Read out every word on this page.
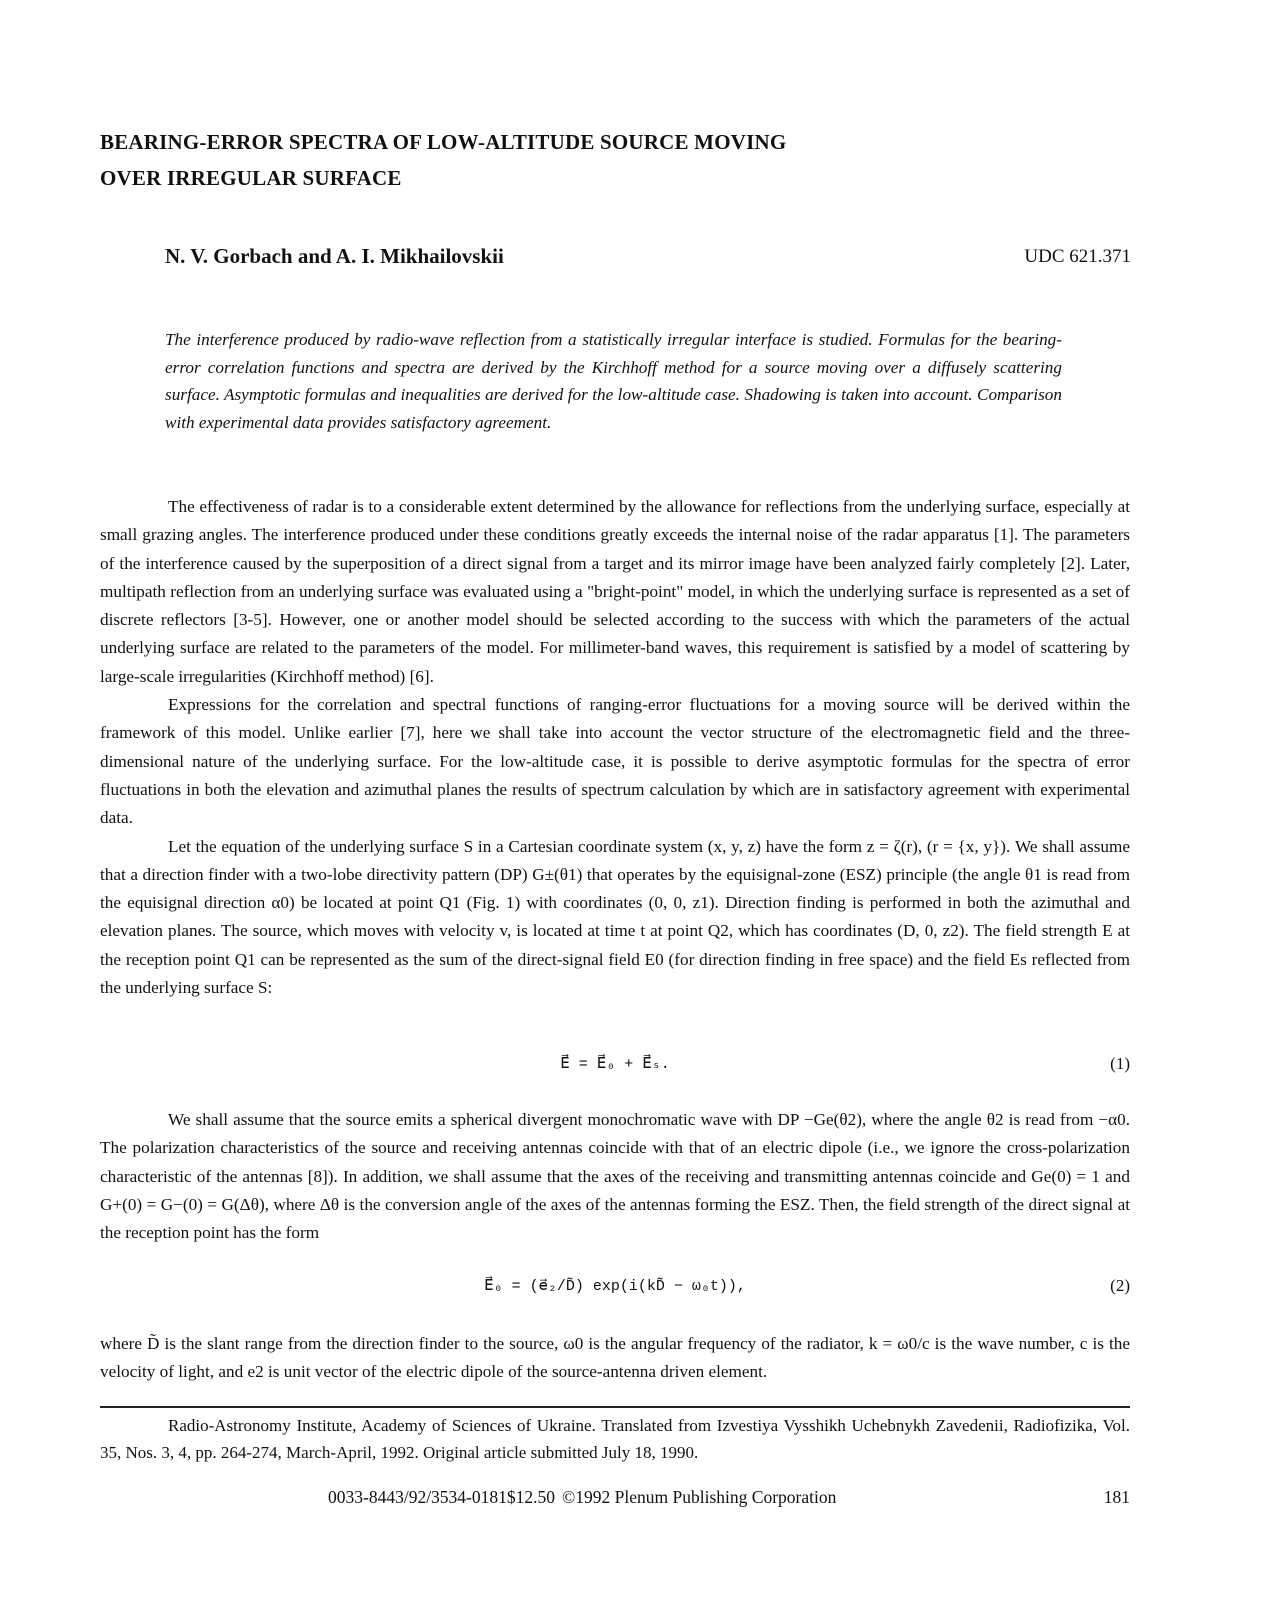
BEARING-ERROR SPECTRA OF LOW-ALTITUDE SOURCE MOVING
OVER IRREGULAR SURFACE
N. V. Gorbach and A. I. Mikhailovskii	UDC 621.371
The interference produced by radio-wave reflection from a statistically irregular interface is studied. Formulas for the bearing-error correlation functions and spectra are derived by the Kirchhoff method for a source moving over a diffusely scattering surface. Asymptotic formulas and inequalities are derived for the low-altitude case. Shadowing is taken into account. Comparison with experimental data provides satisfactory agreement.

The effectiveness of radar is to a considerable extent determined by the allowance for reflections from the underlying surface, especially at small grazing angles. The interference produced under these conditions greatly exceeds the internal noise of the radar apparatus [1]. The parameters of the interference caused by the superposition of a direct signal from a target and its mirror image have been analyzed fairly completely [2]. Later, multipath reflection from an underlying surface was evaluated using a "bright-point" model, in which the underlying surface is represented as a set of discrete reflectors [3-5]. However, one or another model should be selected according to the success with which the parameters of the actual underlying surface are related to the parameters of the model. For millimeter-band waves, this requirement is satisfied by a model of scattering by large-scale irregularities (Kirchhoff method) [6].

Expressions for the correlation and spectral functions of ranging-error fluctuations for a moving source will be derived within the framework of this model. Unlike earlier [7], here we shall take into account the vector structure of the electromagnetic field and the three-dimensional nature of the underlying surface. For the low-altitude case, it is possible to derive asymptotic formulas for the spectra of error fluctuations in both the elevation and azimuthal planes the results of spectrum calculation by which are in satisfactory agreement with experimental data.

Let the equation of the underlying surface S in a Cartesian coordinate system (x, y, z) have the form z = ζ(r), (r = {x, y}). We shall assume that a direction finder with a two-lobe directivity pattern (DP) G±(θ1) that operates by the equisignal-zone (ESZ) principle (the angle θ1 is read from the equisignal direction α0) be located at point Q1 (Fig. 1) with coordinates (0, 0, z1). Direction finding is performed in both the azimuthal and elevation planes. The source, which moves with velocity v, is located at time t at point Q2, which has coordinates (D, 0, z2). The field strength E at the reception point Q1 can be represented as the sum of the direct-signal field E0 (for direction finding in free space) and the field Es reflected from the underlying surface S:

E⃗ = E⃗₀ + E⃗ₛ.	(1)

We shall assume that the source emits a spherical divergent monochromatic wave with DP −Ge(θ2), where the angle θ2 is read from −α0. The polarization characteristics of the source and receiving antennas coincide with that of an electric dipole (i.e., we ignore the cross-polarization characteristic of the antennas [8]). In addition, we shall assume that the axes of the receiving and transmitting antennas coincide and Ge(0) = 1 and G+(0) = G−(0) = G(Δθ), where Δθ is the conversion angle of the axes of the antennas forming the ESZ. Then, the field strength of the direct signal at the reception point has the form

E⃗₀ = (e⃗₂/D̃) exp(i(kD̃ − ω₀t)),	(2)

where D̃ is the slant range from the direction finder to the source, ω0 is the angular frequency of the radiator, k = ω0/c is the wave number, c is the velocity of light, and e2 is unit vector of the electric dipole of the source-antenna driven element.

Radio-Astronomy Institute, Academy of Sciences of Ukraine. Translated from Izvestiya Vysshikh Uchebnykh Zavedenii, Radiofizika, Vol. 35, Nos. 3, 4, pp. 264-274, March-April, 1992. Original article submitted July 18, 1990.

0033-8443/92/3534-0181$12.50 ©1992 Plenum Publishing Corporation	181
